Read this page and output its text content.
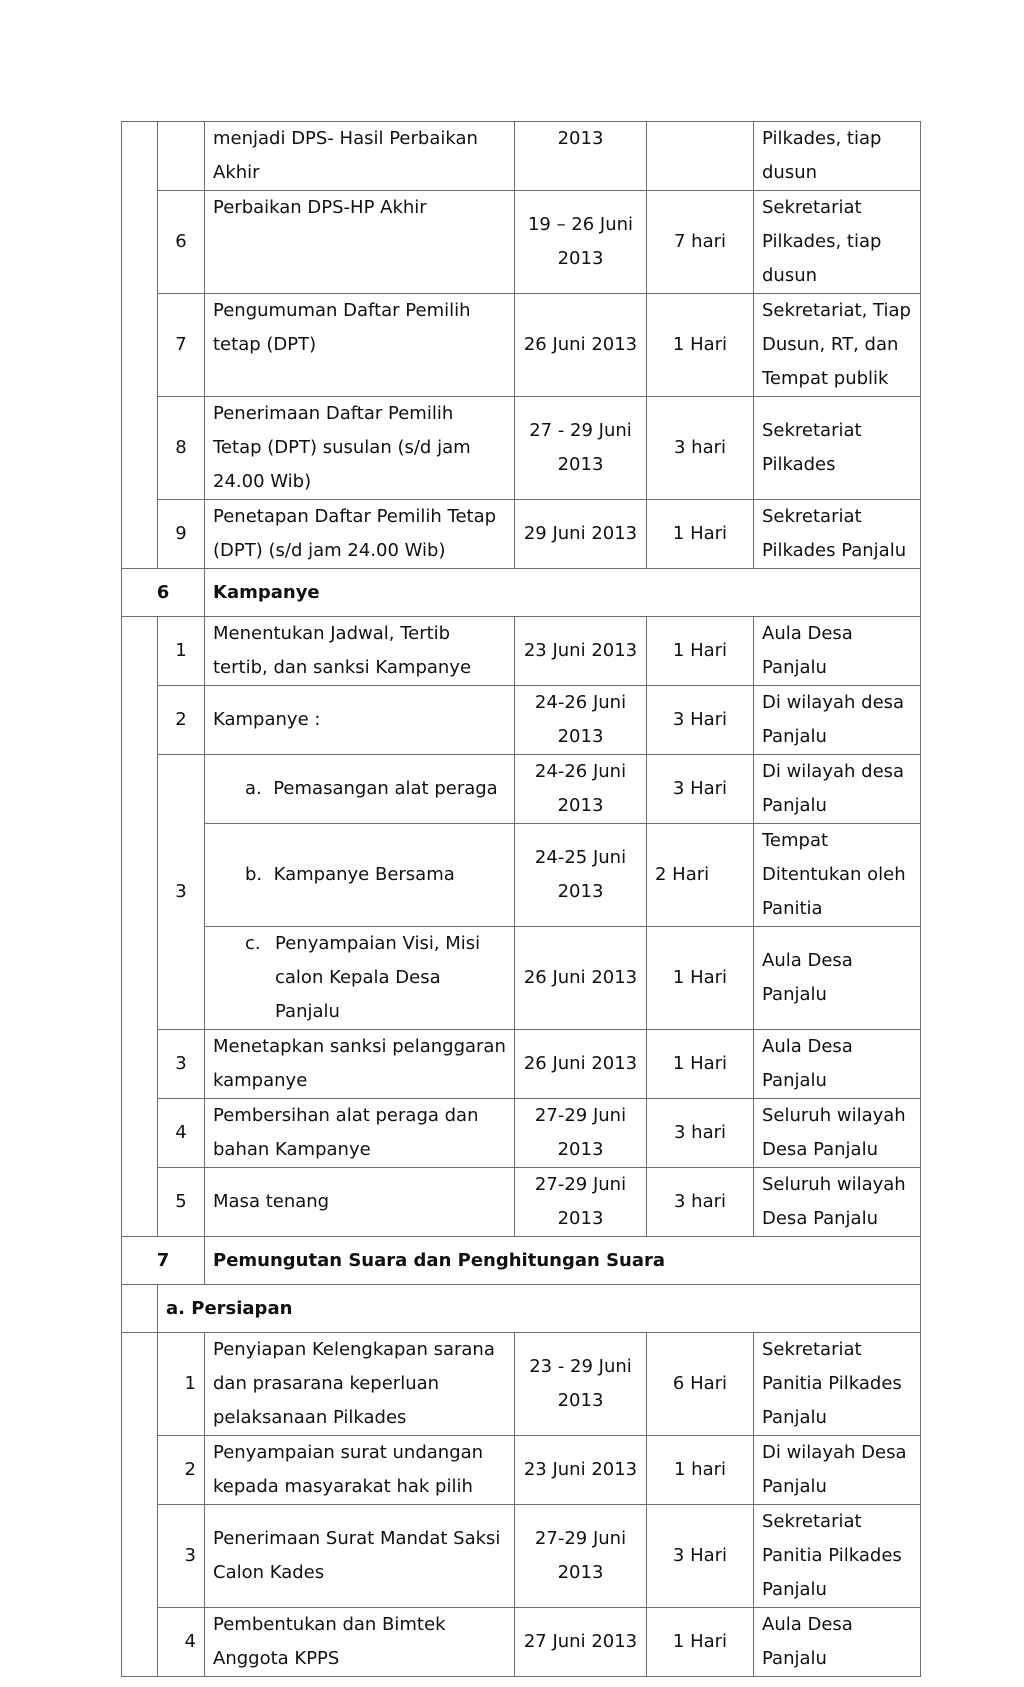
		menjadi DPS- Hasil Perbaikan Akhir	2013		Pilkades, tiap dusun
	6	Perbaikan DPS-HP Akhir	19 – 26 Juni 2013	7 hari	Sekretariat Pilkades, tiap dusun
	7	Pengumuman Daftar Pemilih tetap (DPT)	26 Juni 2013	1 Hari	Sekretariat, Tiap Dusun, RT, dan Tempat publik
	8	Penerimaan Daftar Pemilih Tetap (DPT) susulan (s/d jam 24.00 Wib)	27 - 29 Juni 2013	3 hari	Sekretariat Pilkades
	9	Penetapan Daftar Pemilih Tetap (DPT) (s/d jam 24.00 Wib)	29 Juni 2013	1 Hari	Sekretariat Pilkades Panjalu
6		Kampanye			
	1	Menentukan Jadwal, Tertib tertib, dan sanksi Kampanye	23 Juni 2013	1 Hari	Aula Desa Panjalu
	2	Kampanye :	24-26 Juni 2013	3 Hari	Di wilayah desa Panjalu
	3	a. Pemasangan alat peraga	24-26 Juni 2013	3 Hari	Di wilayah desa Panjalu
		b. Kampanye Bersama	24-25 Juni 2013	2 Hari	Tempat Ditentukan oleh Panitia

		c. Penyampaian Visi, Misi calon Kepala Desa Panjalu	26 Juni 2013	1 Hari	Aula Desa Panjalu
	3	Menetapkan sanksi pelanggaran kampanye	26 Juni 2013	1 Hari	Aula Desa Panjalu
	4	Pembersihan alat peraga dan bahan Kampanye	27-29 Juni 2013	3 hari	Seluruh wilayah Desa Panjalu
	5	Masa tenang	27-29 Juni 2013	3 hari	Seluruh wilayah Desa Panjalu
7		Pemungutan Suara dan Penghitungan Suara			
	a. Persiapan				
	1	Penyiapan Kelengkapan sarana dan prasarana keperluan pelaksanaan Pilkades	23 - 29 Juni 2013	6 Hari	Sekretariat Panitia Pilkades Panjalu
	2	Penyampaian surat undangan kepada masyarakat hak pilih	23 Juni 2013	1 hari	Di wilayah Desa Panjalu
	3	Penerimaan Surat Mandat Saksi Calon Kades	27-29 Juni 2013	3 Hari	Sekretariat Panitia Pilkades Panjalu
	4	Pembentukan dan Bimtek Anggota KPPS	27 Juni 2013	1 Hari	Aula Desa Panjalu
